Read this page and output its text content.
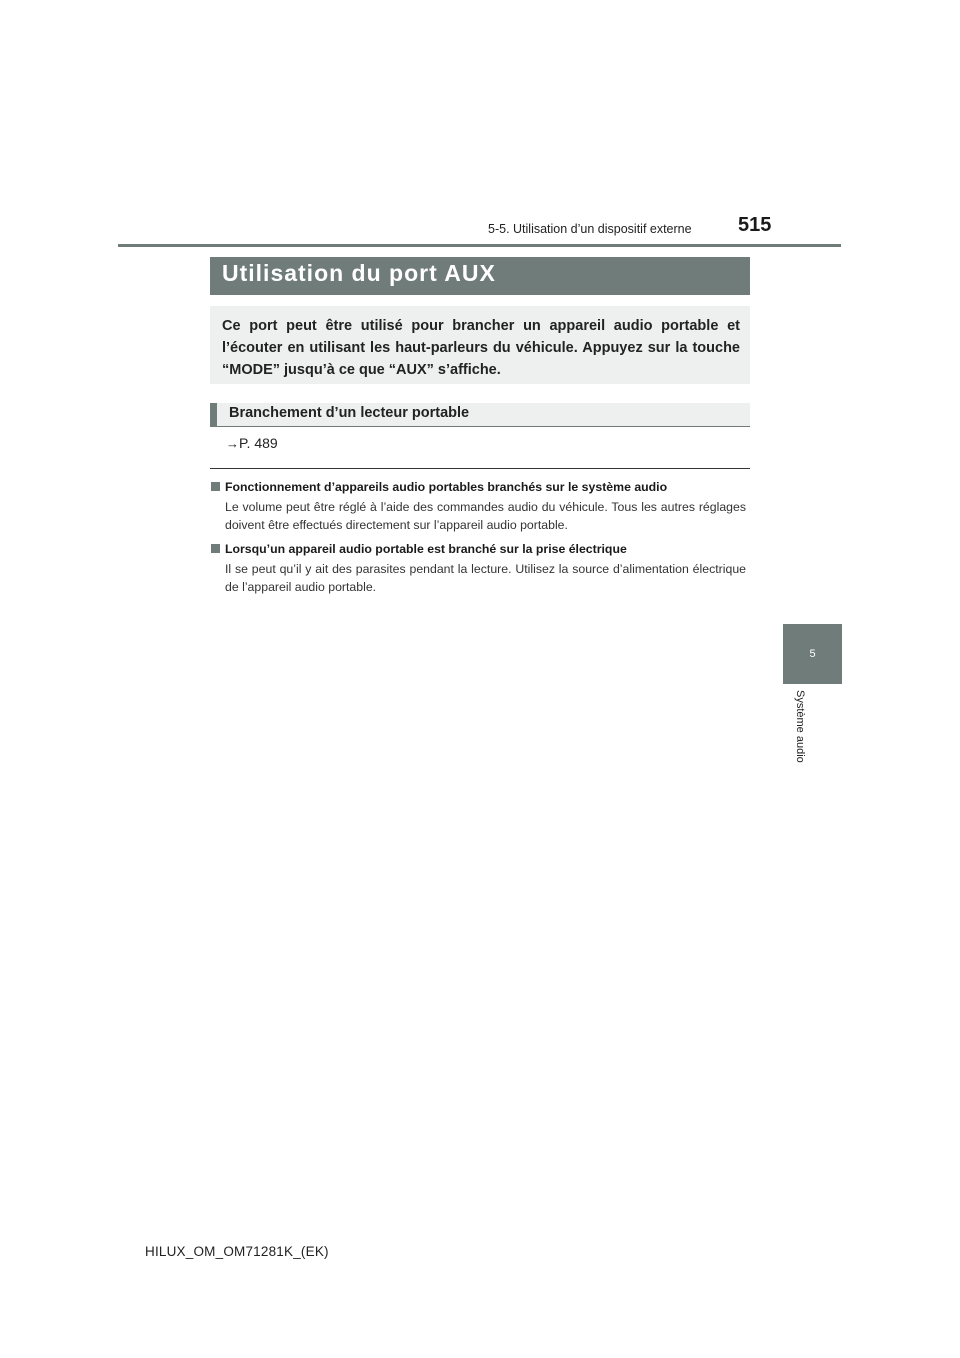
5-5. Utilisation d’un dispositif externe 515
Utilisation du port AUX
Ce port peut être utilisé pour brancher un appareil audio portable et l’écouter en utilisant les haut-parleurs du véhicule. Appuyez sur la touche “MODE” jusqu’à ce que “AUX” s’affiche.
Branchement d’un lecteur portable
→P. 489
Fonctionnement d’appareils audio portables branchés sur le système audio
Le volume peut être réglé à l’aide des commandes audio du véhicule. Tous les autres réglages doivent être effectués directement sur l’appareil audio portable.
Lorsqu’un appareil audio portable est branché sur la prise électrique
Il se peut qu’il y ait des parasites pendant la lecture. Utilisez la source d’alimentation électrique de l’appareil audio portable.
5
Système audio
HILUX_OM_OM71281K_(EK)
